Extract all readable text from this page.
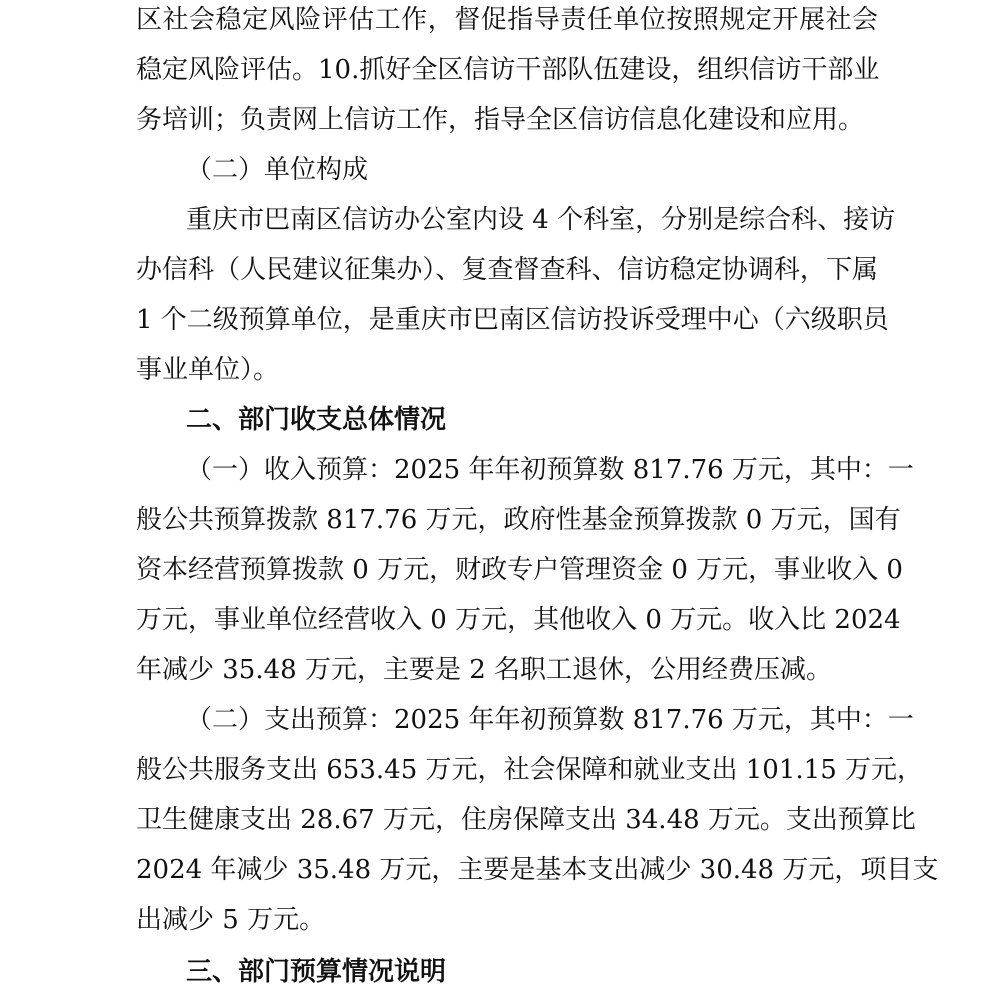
区社会稳定风险评估工作，督促指导责任单位按照规定开展社会

稳定风险评估。10.抓好全区信访干部队伍建设，组织信访干部业

务培训；负责网上信访工作，指导全区信访信息化建设和应用。

（二）单位构成

重庆市巴南区信访办公室内设 4 个科室，分别是综合科、接访

办信科（人民建议征集办）、复查督查科、信访稳定协调科，下属

1 个二级预算单位，是重庆市巴南区信访投诉受理中心（六级职员

事业单位）。

二、部门收支总体情况

（一）收入预算：2025 年年初预算数 817.76 万元，其中：一

般公共预算拨款 817.76 万元，政府性基金预算拨款 0 万元，国有

资本经营预算拨款 0 万元，财政专户管理资金 0 万元，事业收入 0

万元，事业单位经营收入 0 万元，其他收入 0 万元。收入比 2024

年减少 35.48 万元，主要是 2 名职工退休，公用经费压减。

（二）支出预算：2025 年年初预算数 817.76 万元，其中：一

般公共服务支出 653.45 万元，社会保障和就业支出 101.15 万元，

卫生健康支出 28.67 万元，住房保障支出 34.48 万元。支出预算比

2024 年减少 35.48 万元，主要是基本支出减少 30.48 万元，项目支

出减少 5 万元。

三、部门预算情况说明
